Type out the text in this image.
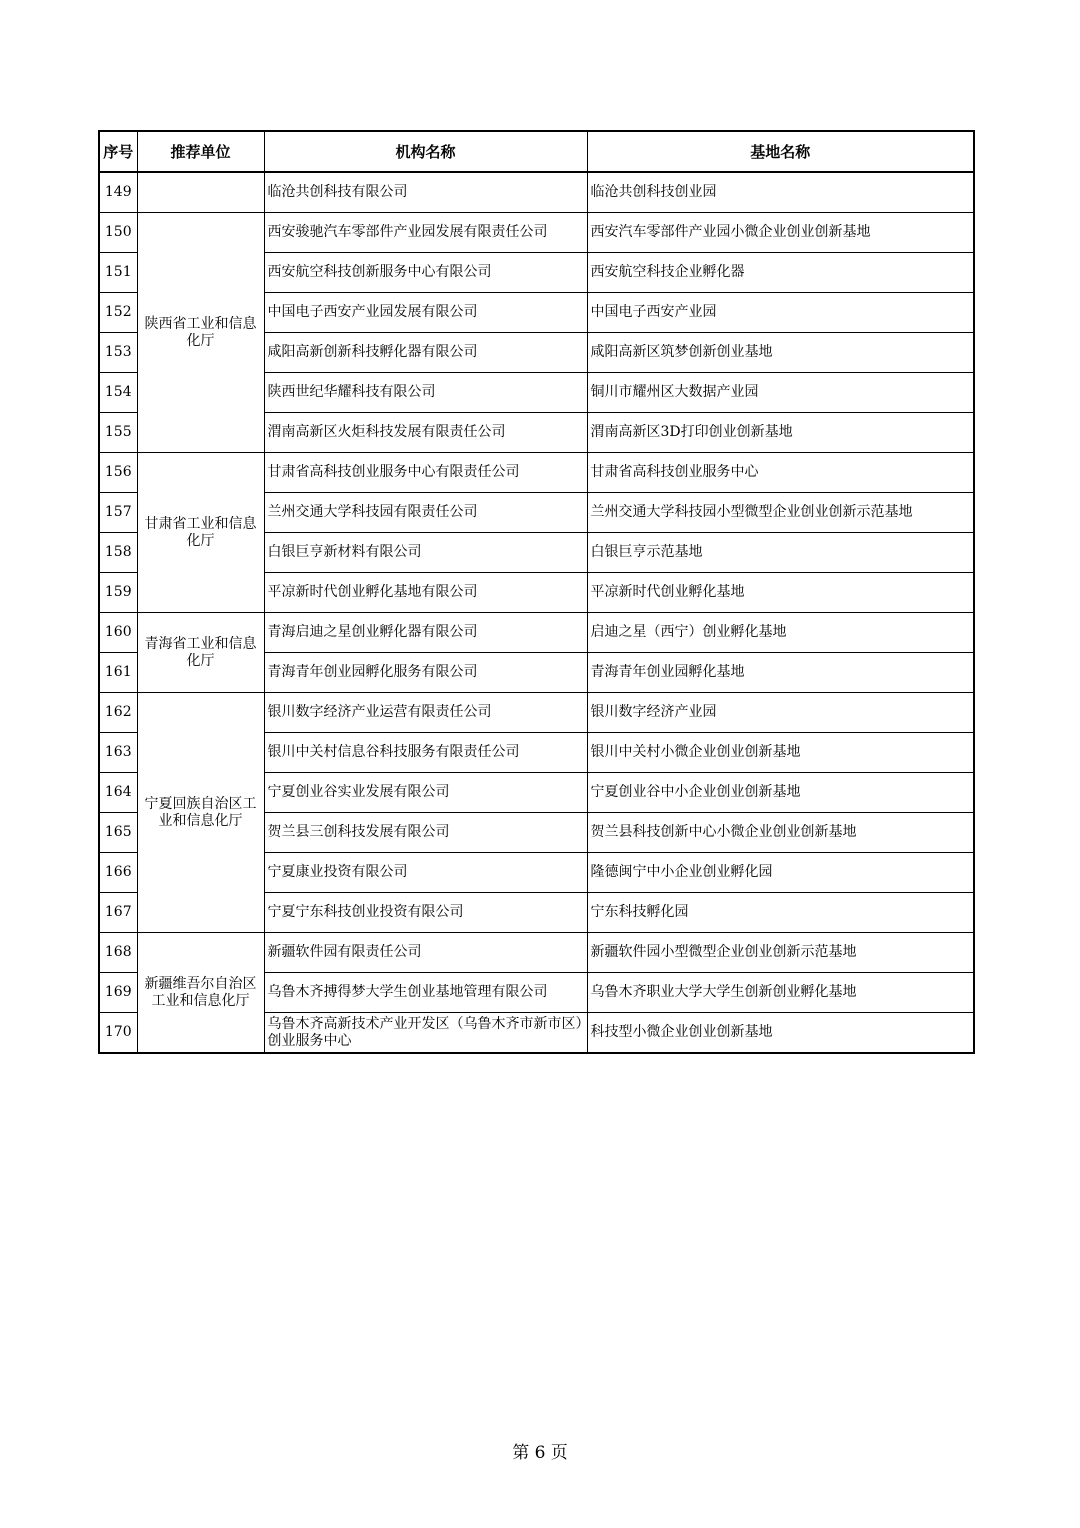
序号	推荐单位	机构名称	基地名称
149		临沧共创科技有限公司	临沧共创科技创业园
150	陕西省工业和信息化厅	西安骏驰汽车零部件产业园发展有限责任公司	西安汽车零部件产业园小微企业创业创新基地
151		西安航空科技创新服务中心有限公司	西安航空科技企业孵化器
152		中国电子西安产业园发展有限公司	中国电子西安产业园
153		咸阳高新创新科技孵化器有限公司	咸阳高新区筑梦创新创业基地
154		陕西世纪华耀科技有限公司	铜川市耀州区大数据产业园
155		渭南高新区火炬科技发展有限责任公司	渭南高新区3D打印创业创新基地
156	甘肃省工业和信息化厅	甘肃省高科技创业服务中心有限责任公司	甘肃省高科技创业服务中心
157		兰州交通大学科技园有限责任公司	兰州交通大学科技园小型微型企业创业创新示范基地
158		白银巨亨新材料有限公司	白银巨亨示范基地
159		平凉新时代创业孵化基地有限公司	平凉新时代创业孵化基地
160	青海省工业和信息化厅	青海启迪之星创业孵化器有限公司	启迪之星（西宁）创业孵化基地
161		青海青年创业园孵化服务有限公司	青海青年创业园孵化基地
162	宁夏回族自治区工业和信息化厅	银川数字经济产业运营有限责任公司	银川数字经济产业园
163		银川中关村信息谷科技服务有限责任公司	银川中关村小微企业创业创新基地
164		宁夏创业谷实业发展有限公司	宁夏创业谷中小企业创业创新基地
165		贺兰县三创科技发展有限公司	贺兰县科技创新中心小微企业创业创新基地
166		宁夏康业投资有限公司	隆德闽宁中小企业创业孵化园
167		宁夏宁东科技创业投资有限公司	宁东科技孵化园
168	新疆维吾尔自治区工业和信息化厅	新疆软件园有限责任公司	新疆软件园小型微型企业创业创新示范基地
169		乌鲁木齐搏得梦大学生创业基地管理有限公司	乌鲁木齐职业大学大学生创新创业孵化基地
170		乌鲁木齐高新技术产业开发区（乌鲁木齐市新市区）创业服务中心	科技型小微企业创业创新基地
第 6 页
